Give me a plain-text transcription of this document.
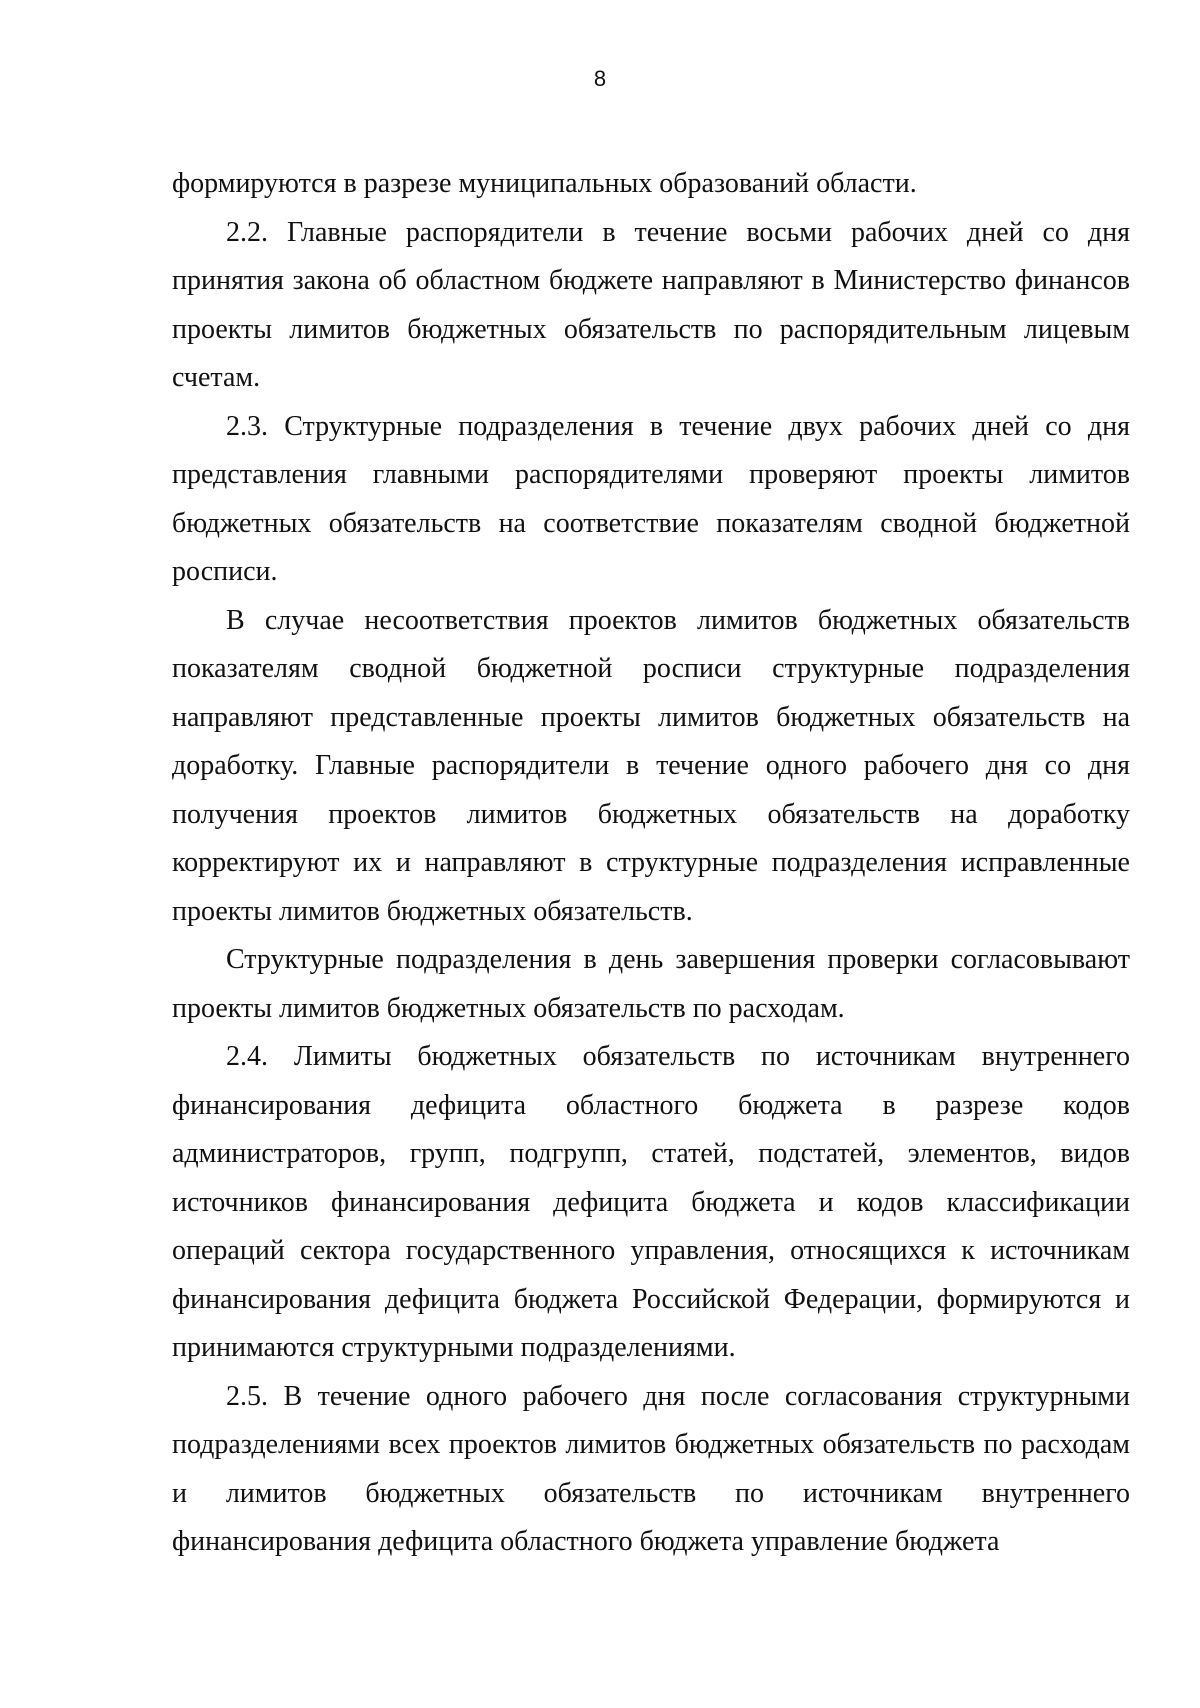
8

формируются в разрезе муниципальных образований области.

2.2. Главные распорядители в течение восьми рабочих дней со дня принятия закона об областном бюджете направляют в Министерство финансов проекты лимитов бюджетных обязательств по распорядительным лицевым счетам.

2.3. Структурные подразделения в течение двух рабочих дней со дня представления главными распорядителями проверяют проекты лимитов бюджетных обязательств на соответствие показателям сводной бюджетной росписи.

В случае несоответствия проектов лимитов бюджетных обязательств показателям сводной бюджетной росписи структурные подразделения направляют представленные проекты лимитов бюджетных обязательств на доработку. Главные распорядители в течение одного рабочего дня со дня получения проектов лимитов бюджетных обязательств на доработку корректируют их и направляют в структурные подразделения исправленные проекты лимитов бюджетных обязательств.

Структурные подразделения в день завершения проверки согласовывают проекты лимитов бюджетных обязательств по расходам.

2.4. Лимиты бюджетных обязательств по источникам внутреннего финансирования дефицита областного бюджета в разрезе кодов администраторов, групп, подгрупп, статей, подстатей, элементов, видов источников финансирования дефицита бюджета и кодов классификации операций сектора государственного управления, относящихся к источникам финансирования дефицита бюджета Российской Федерации, формируются и принимаются структурными подразделениями.

2.5. В течение одного рабочего дня после согласования структурными подразделениями всех проектов лимитов бюджетных обязательств по расходам и лимитов бюджетных обязательств по источникам внутреннего финансирования дефицита областного бюджета управление бюджета
